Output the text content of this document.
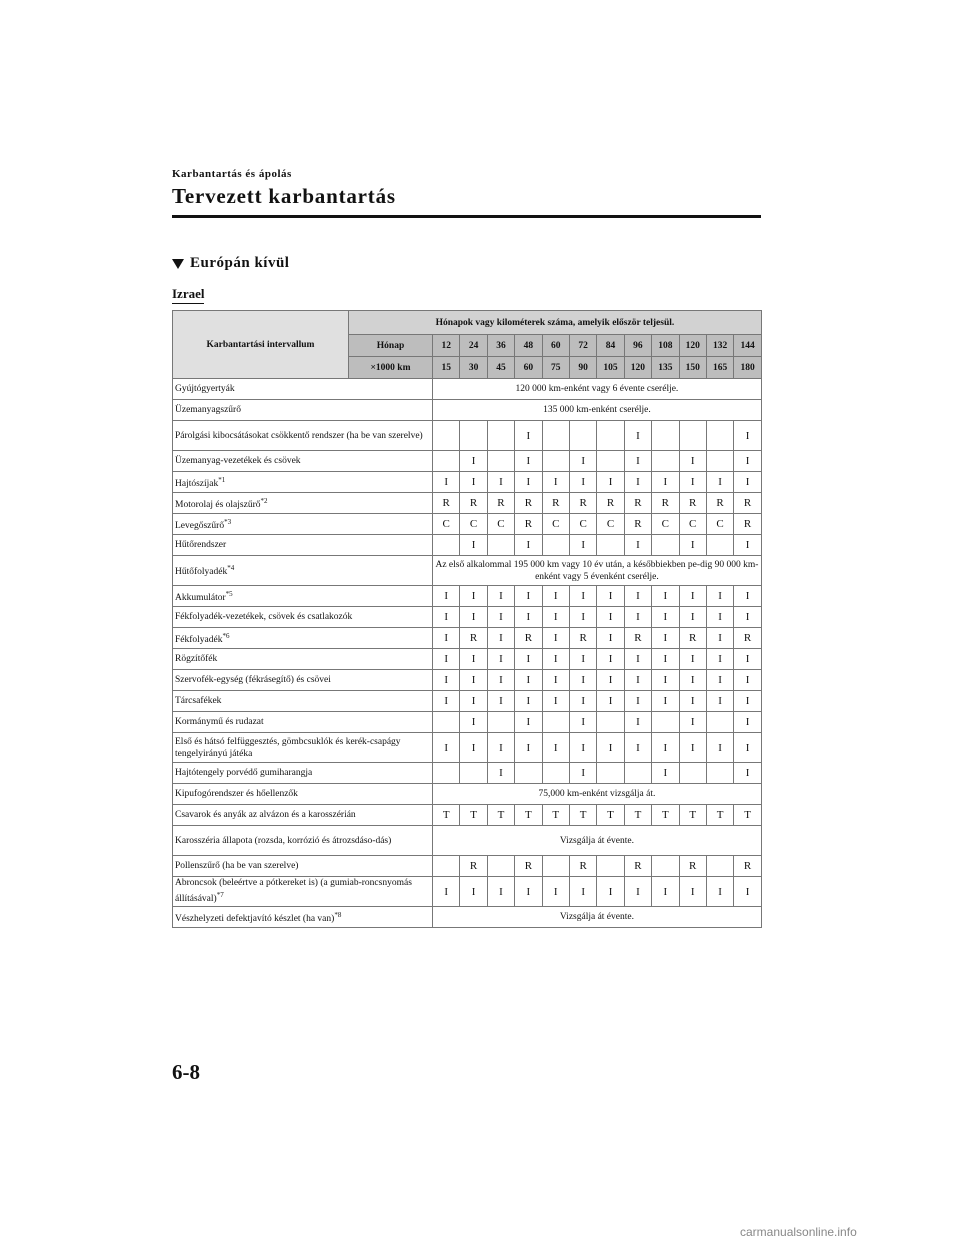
Karbantartás és ápolás
Tervezett karbantartás
Európán kívül
Izrael
Karbantartási intervallum	Hónapok vagy kilométerek száma, amelyik először teljesül.												
	Hónap	12	24	36	48	60	72	84	96	108	120	132	144
	×1000 km	15	30	45	60	75	90	105	120	135	150	165	180
Gyújtógyertyák		120 000 km-enként vagy 6 évente cserélje.											
Üzemanyagszűrő		135 000 km-enként cserélje.											
Párolgási kibocsátásokat csökkentő rendszer (ha be van szerelve)					I				I				I
Üzemanyag-vezetékek és csövek			I		I		I		I		I		I
Hajtószíjak$^{*1}$		I	I	I	I	I	I	I	I	I	I	I	I
Motorolaj és olajszűrő$^{*2}$		R	R	R	R	R	R	R	R	R	R	R	R
Levegőszűrő$^{*3}$		C	C	C	R	C	C	C	R	C	C	C	R
Hűtőrendszer			I		I		I		I		I		I
Hűtőfolyadék$^{*4}$		Az első alkalommal 195 000 km vagy 10 év után, a későbbiekben pe-dig 90 000 km-enként vagy 5 évenként cserélje.											
Akkumulátor$^{*5}$		I	I	I	I	I	I	I	I	I	I	I	I
Fékfolyadék-vezetékek, csövek és csatlakozók		I	I	I	I	I	I	I	I	I	I	I	I
Fékfolyadék$^{*6}$		I	R	I	R	I	R	I	R	I	R	I	R
Rögzítőfék		I	I	I	I	I	I	I	I	I	I	I	I
Szervofék-egység (fékrásegítő) és csövei		I	I	I	I	I	I	I	I	I	I	I	I
Tárcsafékek		I	I	I	I	I	I	I	I	I	I	I	I
Kormánymű és rudazat			I		I		I		I		I		I
Első és hátsó felfüggesztés, gömbcsuklók és kerék-csapágy tengelyirányú játéka		I	I	I	I	I	I	I	I	I	I	I	I
Hajtótengely porvédő gumiharangja				I			I			I			I
Kipufogórendszer és hőellenzők		75,000 km-enként vizsgálja át.											
Csavarok és anyák az alvázon és a karosszérián		T	T	T	T	T	T	T	T	T	T	T	T
Karosszéria állapota (rozsda, korrózió és átrozsdáso-dás)		Vizsgálja át évente.											
Pollenszűrő (ha be van szerelve)			R		R		R		R		R		R
Abroncsok (beleértve a pótkereket is) (a gumiab-roncsnyomás állításával)$^{*7}$		I	I	I	I	I	I	I	I	I	I	I	I
Vészhelyzeti defektjavító készlet (ha van)$^{*8}$		Vizsgálja át évente.											
6-8
carmanualsonline.info
